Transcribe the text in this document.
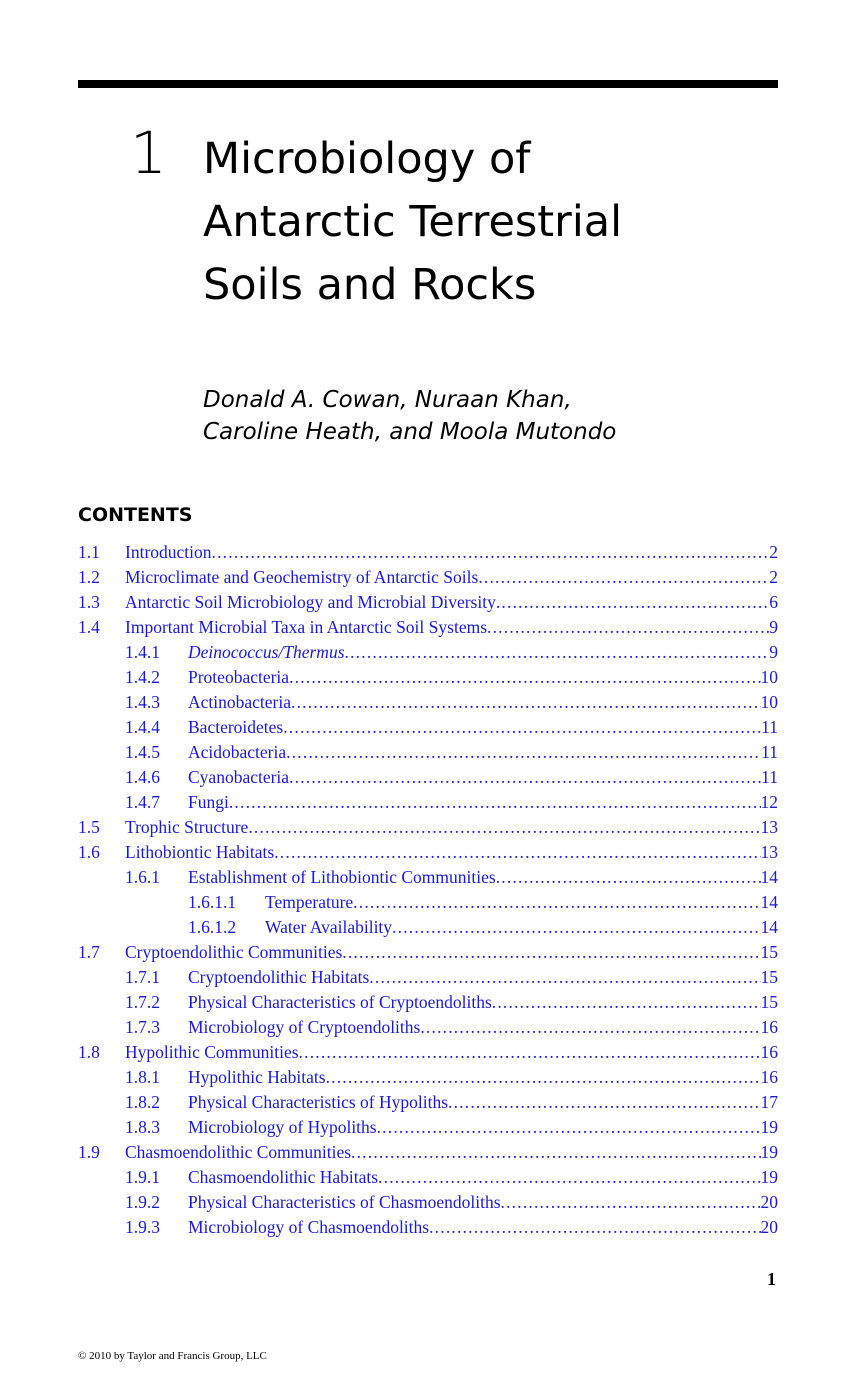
1 Microbiology of
Antarctic Terrestrial
Soils and Rocks
Donald A. Cowan, Nuraan Khan,
Caroline Heath, and Moola Mutondo
CONTENTS
1.1 Introduction .....	2
1.2 Microclimate and Geochemistry of Antarctic Soils .....	2
1.3 Antarctic Soil Microbiology and Microbial Diversity .....	6
1.4 Important Microbial Taxa in Antarctic Soil Systems .....	9
1.4.1 Deinococcus/Thermus .....	9
1.4.2 Proteobacteria .....	10
1.4.3 Actinobacteria .....	10
1.4.4 Bacteroidetes .....	11
1.4.5 Acidobacteria .....	11
1.4.6 Cyanobacteria .....	11
1.4.7 Fungi .....	12
1.5 Trophic Structure .....	13
1.6 Lithobiontic Habitats .....	13
1.6.1 Establishment of Lithobiontic Communities .....	14
1.6.1.1 Temperature .....	14
1.6.1.2 Water Availability .....	14
1.7 Cryptoendolithic Communities .....	15
1.7.1 Cryptoendolithic Habitats .....	15
1.7.2 Physical Characteristics of Cryptoendoliths .....	15
1.7.3 Microbiology of Cryptoendoliths .....	16
1.8 Hypolithic Communities .....	16
1.8.1 Hypolithic Habitats .....	16
1.8.2 Physical Characteristics of Hypoliths .....	17
1.8.3 Microbiology of Hypoliths .....	19
1.9 Chasmoendolithic Communities .....	19
1.9.1 Chasmoendolithic Habitats .....	19
1.9.2 Physical Characteristics of Chasmoendoliths .....	20
1.9.3 Microbiology of Chasmoendoliths .....	20
1
© 2010 by Taylor and Francis Group, LLC
